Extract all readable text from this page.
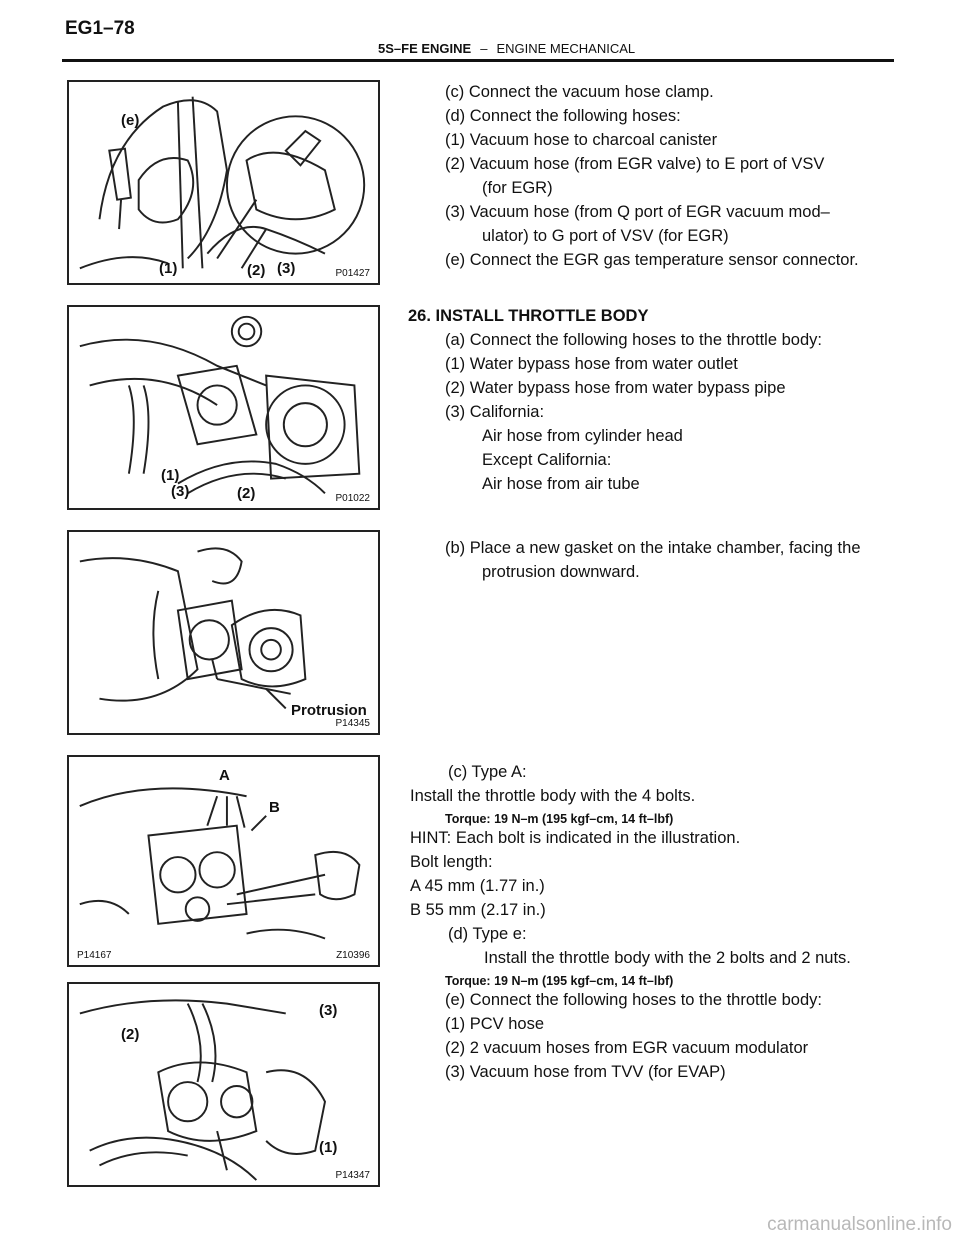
EG1–78
5S–FE ENGINE – ENGINE MECHANICAL
(e)
(1)	(2) (3)	P01427
(1)
(3)	(2)	P01022
Protrusion
P14345
A
B
P14167	Z10396
(2)
(3)
(1)
P14347
(c) Connect the vacuum hose clamp.
(d) Connect the following hoses:
(1) Vacuum hose to charcoal canister
(2) Vacuum hose (from EGR valve) to E port of VSV
(for EGR)
(3) Vacuum hose (from Q port of EGR vacuum mod–
ulator) to G port of VSV (for EGR)
(e) Connect the EGR gas temperature sensor connector.
26. INSTALL THROTTLE BODY
(a) Connect the following hoses to the throttle body:
(1) Water bypass hose from water outlet
(2) Water bypass hose from water bypass pipe
(3) California:
Air hose from cylinder head
Except California:
Air hose from air tube
(b) Place a new gasket on the intake chamber, facing the
protrusion downward.
(c) Type A:
Install the throttle body with the 4 bolts.
Torque: 19 N–m (195 kgf–cm, 14 ft–lbf)
HINT: Each bolt is indicated in the illustration.
Bolt length:
A 45 mm (1.77 in.)
B 55 mm (2.17 in.)
(d) Type e:
Install the throttle body with the 2 bolts and 2 nuts.
Torque: 19 N–m (195 kgf–cm, 14 ft–lbf)
(e) Connect the following hoses to the throttle body:
(1) PCV hose
(2) 2 vacuum hoses from EGR vacuum modulator
(3) Vacuum hose from TVV (for EVAP)
carmanualsonline.info
